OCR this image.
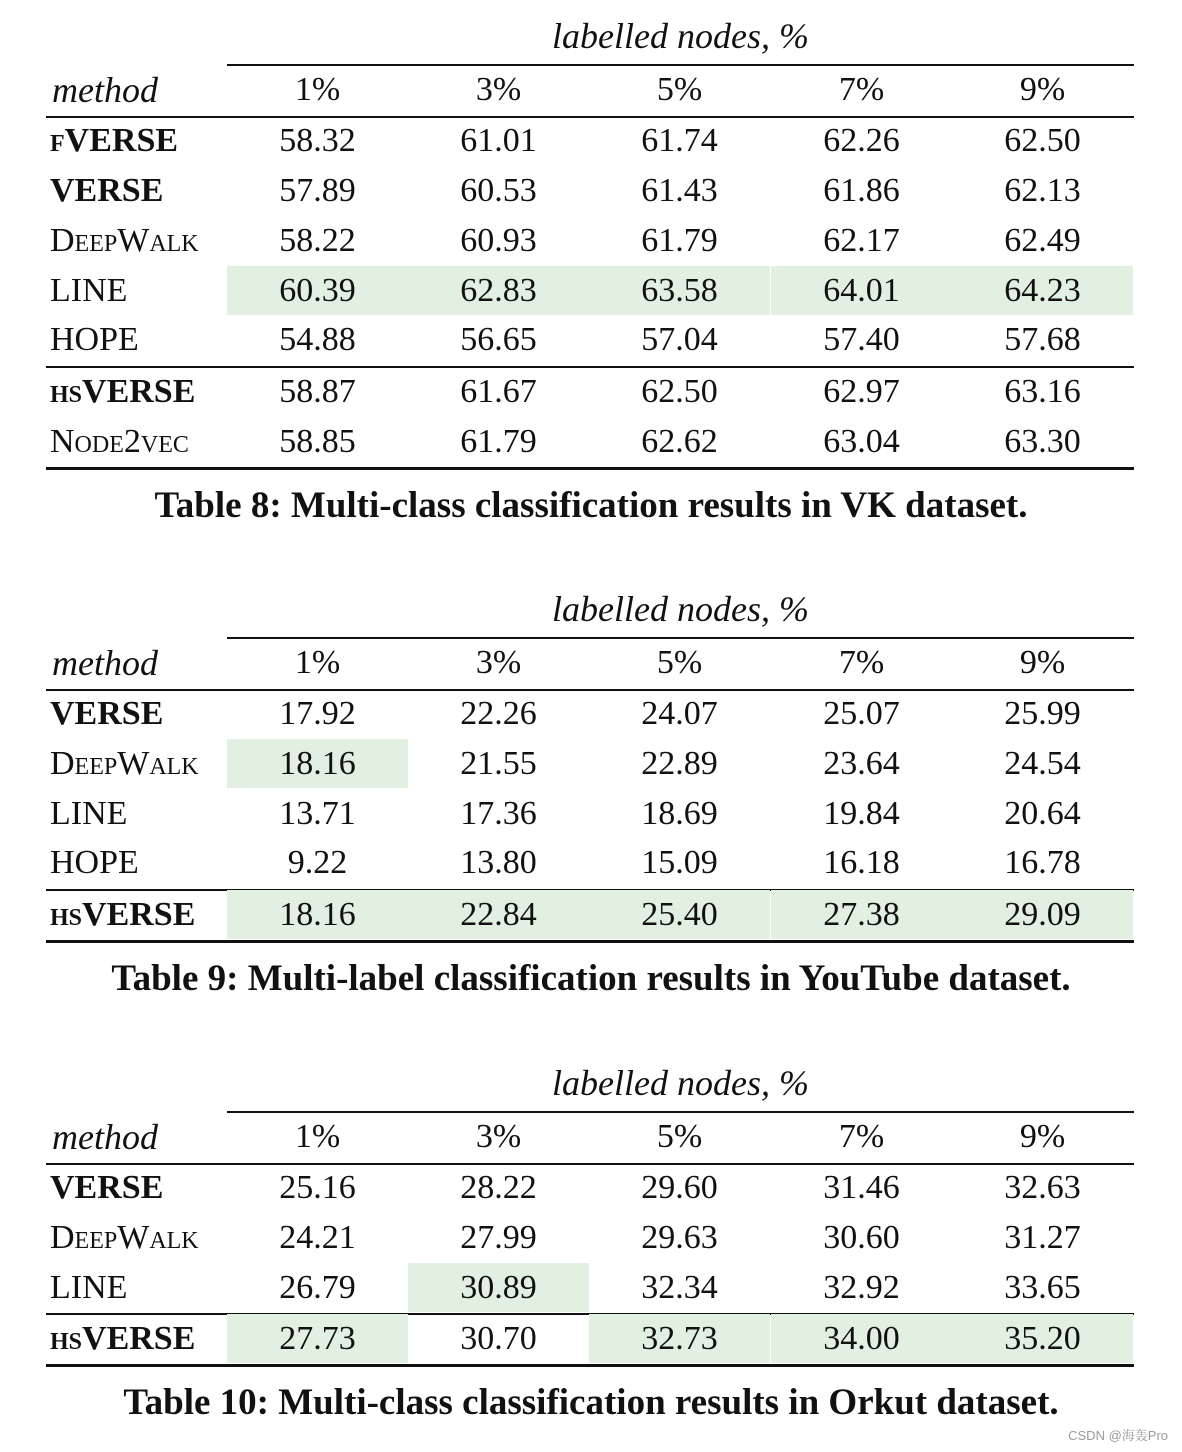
labelled nodes, %
method	1%	3%	5%	7%	9%
fVERSE	58.32	61.01	61.74	62.26	62.50
VERSE	57.89	60.53	61.43	61.86	62.13
DeepWalk	58.22	60.93	61.79	62.17	62.49
LINE	60.39	62.83	63.58	64.01	64.23
HOPE	54.88	56.65	57.04	57.40	57.68
hsVERSE	58.87	61.67	62.50	62.97	63.16
Node2vec	58.85	61.79	62.62	63.04	63.30
Table 8: Multi-class classification results in VK dataset.
labelled nodes, %
method	1%	3%	5%	7%	9%
VERSE	17.92	22.26	24.07	25.07	25.99
DeepWalk	18.16	21.55	22.89	23.64	24.54
LINE	13.71	17.36	18.69	19.84	20.64
HOPE	9.22	13.80	15.09	16.18	16.78
hsVERSE	18.16	22.84	25.40	27.38	29.09
Table 9: Multi-label classification results in YouTube dataset.
labelled nodes, %
method	1%	3%	5%	7%	9%
VERSE	25.16	28.22	29.60	31.46	32.63
DeepWalk	24.21	27.99	29.63	30.60	31.27
LINE	26.79	30.89	32.34	32.92	33.65
hsVERSE	27.73	30.70	32.73	34.00	35.20
Table 10: Multi-class classification results in Orkut dataset.
CSDN @海轰Pro
